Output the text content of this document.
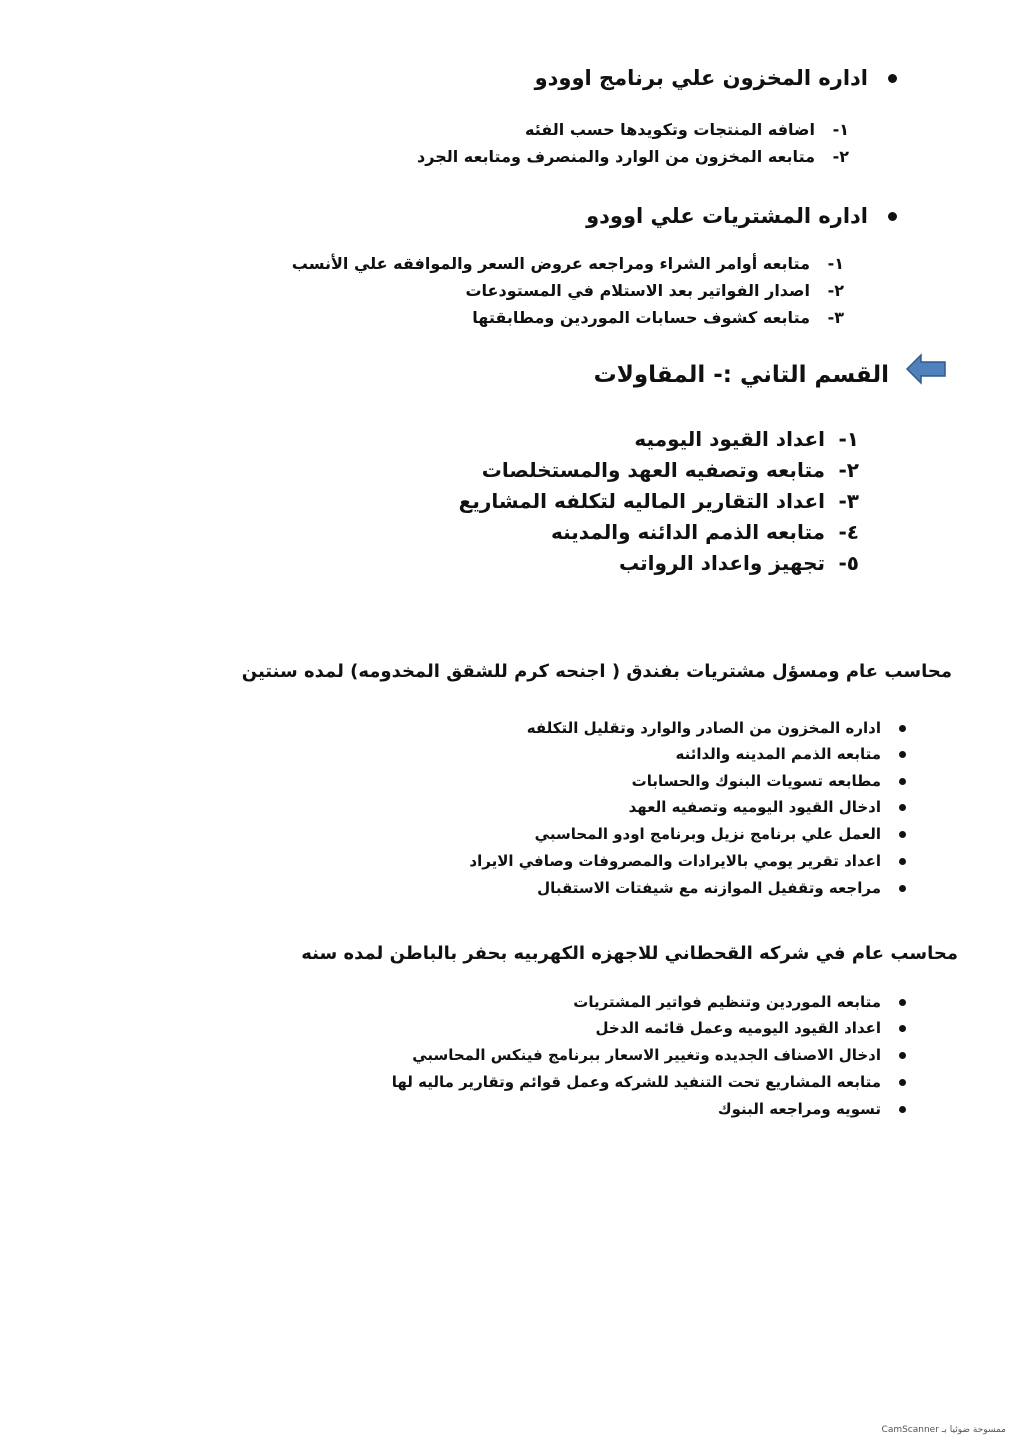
اداره المخزون علي برنامج اوودو
١-
اضافه المنتجات وتكويدها حسب الفئه
٢-
متابعه المخزون من الوارد والمنصرف ومتابعه الجرد
اداره المشتريات علي اوودو
١-
متابعه أوامر الشراء ومراجعه عروض السعر والموافقه علي الأنسب
٢-
اصدار الفواتير بعد الاستلام في المستودعات
٣-
متابعه كشوف حسابات الموردين ومطابقتها
القسم التاني :- المقاولات
١-
اعداد القيود اليوميه
٢-
متابعه وتصفيه العهد والمستخلصات
٣-
اعداد التقارير الماليه لتكلفه المشاريع
٤-
متابعه الذمم الدائنه والمدينه
٥-
تجهيز واعداد الرواتب
محاسب عام ومسؤل مشتريات بفندق ( اجنحه كرم للشقق المخدومه) لمده سنتين
اداره المخزون من الصادر والوارد وتقليل التكلفه
متابعه الذمم المدينه والدائنه
مطابعه تسويات البنوك والحسابات
ادخال القيود اليوميه وتصفيه العهد
العمل علي برنامج نزيل وبرنامج اودو المحاسبي
اعداد تقرير يومي بالايرادات والمصروفات وصافي الايراد
مراجعه وتقفيل الموازنه مع شيفتات الاستقبال
محاسب عام في شركه القحطاني للاجهزه الكهربيه بحفر بالباطن لمده سنه
متابعه الموردين وتنظيم فواتير المشتريات
اعداد القيود اليوميه وعمل قائمه الدخل
ادخال الاصناف الجديده وتغيير الاسعار ببرنامج فينكس المحاسبي
متابعه المشاريع تحت التنفيد للشركه وعمل قوائم وتقارير ماليه لها
تسويه ومراجعه البنوك
ممسوحة ضوئيا بـ CamScanner
